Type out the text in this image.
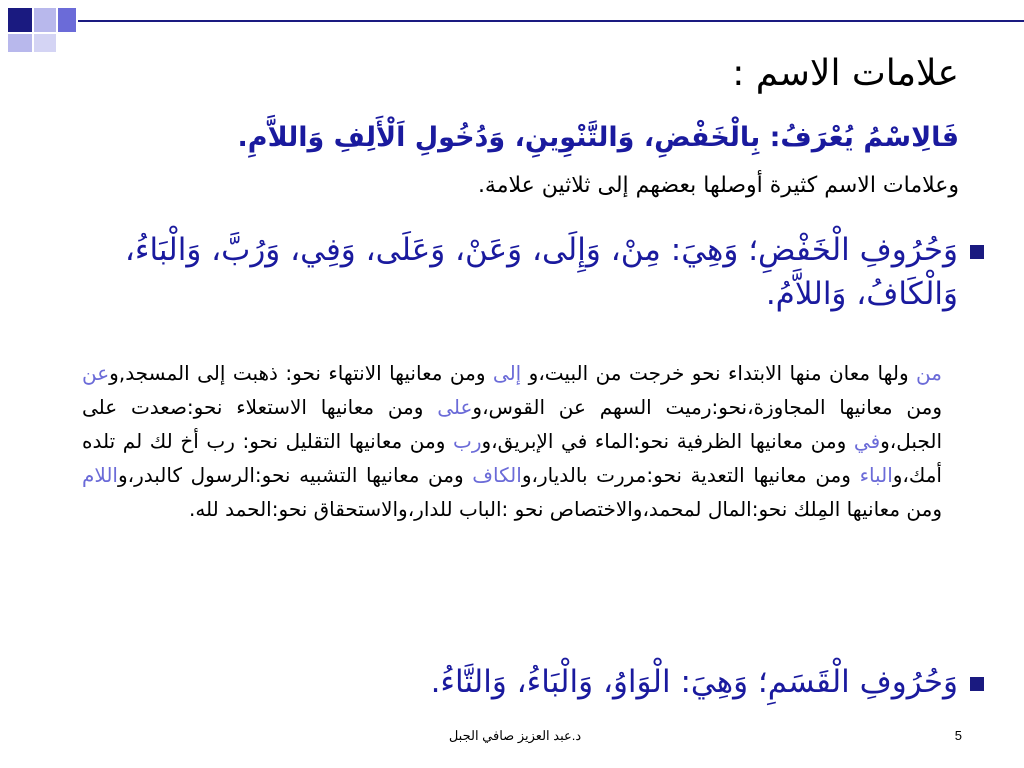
علامات الاسم :
فَالِاسْمُ يُعْرَفُ: بِالْخَفْضِ، وَالتَّنْوِينِ، وَدُخُولِ اَلْأَلِفِ وَاللاَّمِ.
وعلامات الاسم كثيرة أوصلها بعضهم إلى ثلاثين علامة.
وَحُرُوفِ الْخَفْضِ؛ وَهِيَ: مِنْ، وَإِلَى، وَعَنْ، وَعَلَى، وَفِي، وَرُبَّ، وَالْبَاءُ، وَالْكَافُ، وَاللاَّمُ.
من ولها معان منها الابتداء نحو خرجت من البيت،و إلى ومن معانيها الانتهاء نحو: ذهبت إلى المسجد,وعن ومن معانيها المجاوزة،نحو:رميت السهم عن القوس،وعلى ومن معانيها الاستعلاء نحو:صعدت على الجبل،وفي ومن معانيها الظرفية نحو:الماء في الإبريق،ورب ومن معانيها التقليل نحو: رب أخ لك لم تلده أمك،والباء ومن معانيها التعدية نحو:مررت بالديار،والكاف ومن معانيها التشبيه نحو:الرسول كالبدر،واللام ومن معانيها المِلك نحو:المال لمحمد،والاختصاص نحو :الباب للدار،والاستحقاق نحو:الحمد لله.
وَحُرُوفِ الْقَسَمِ؛ وَهِيَ: الْوَاوُ، وَالْبَاءُ، وَالتَّاءُ.
د.عبد العزيز صافي الجبل	5
